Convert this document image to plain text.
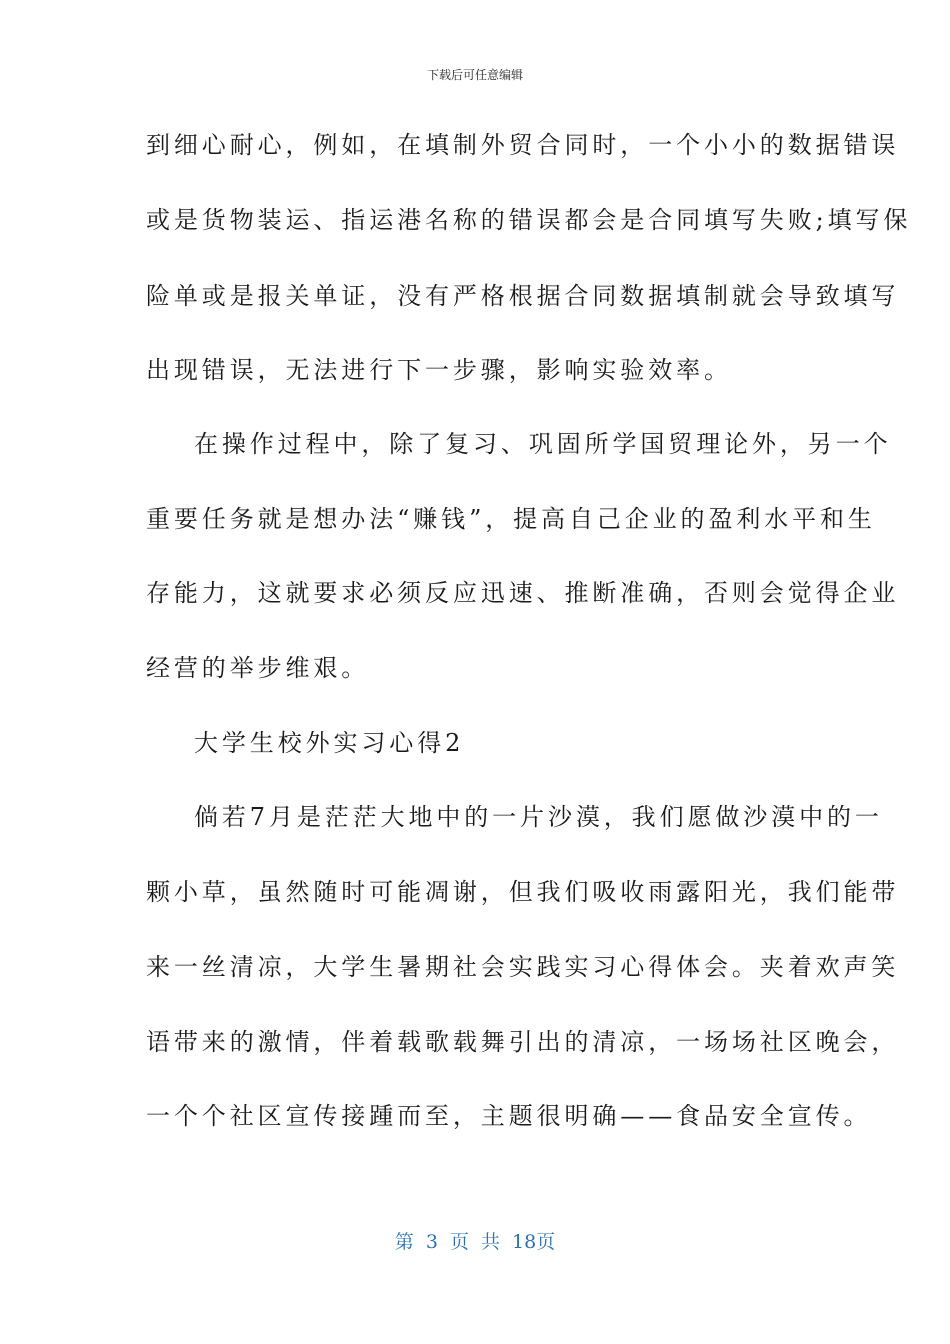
下载后可任意编辑
到细心耐心，例如，在填制外贸合同时，一个小小的数据错误
或是货物装运、指运港名称的错误都会是合同填写失败;填写保
险单或是报关单证，没有严格根据合同数据填制就会导致填写
出现错误，无法进行下一步骤，影响实验效率。
在操作过程中，除了复习、巩固所学国贸理论外，另一个
重要任务就是想办法“赚钱”，提高自己企业的盈利水平和生
存能力，这就要求必须反应迅速、推断准确，否则会觉得企业
经营的举步维艰。
大学生校外实习心得2
倘若7月是茫茫大地中的一片沙漠，我们愿做沙漠中的一
颗小草，虽然随时可能凋谢，但我们吸收雨露阳光，我们能带
来一丝清凉，大学生暑期社会实践实习心得体会。夹着欢声笑
语带来的激情，伴着载歌载舞引出的清凉，一场场社区晚会，
一个个社区宣传接踵而至，主题很明确——食品安全宣传。
第 3 页 共 18页
